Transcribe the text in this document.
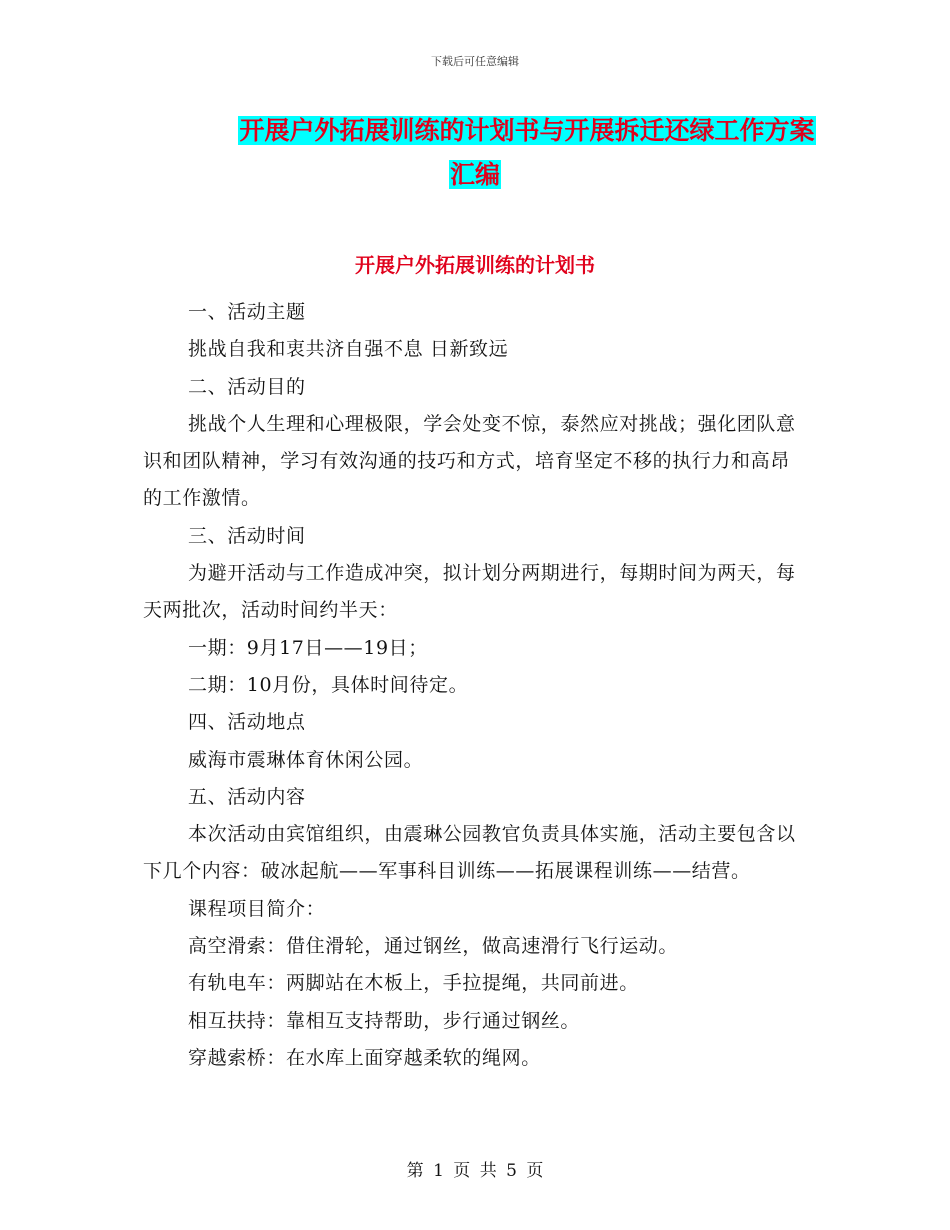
下载后可任意编辑
开展户外拓展训练的计划书与开展拆迁还绿工作方案
汇编
开展户外拓展训练的计划书

一、活动主题

挑战自我和衷共济自强不息 日新致远

二、活动目的

挑战个人生理和心理极限，学会处变不惊，泰然应对挑战；强化团队意识和团队精神，学习有效沟通的技巧和方式，培育坚定不移的执行力和高昂的工作激情。

三、活动时间

为避开活动与工作造成冲突，拟计划分两期进行，每期时间为两天，每天两批次，活动时间约半天：

一期：9月17日——19日；

二期：10月份，具体时间待定。

四、活动地点

威海市震琳体育休闲公园。

五、活动内容

本次活动由宾馆组织，由震琳公园教官负责具体实施，活动主要包含以下几个内容：破冰起航——军事科目训练——拓展课程训练——结营。

课程项目简介：

高空滑索：借住滑轮，通过钢丝，做高速滑行飞行运动。

有轨电车：两脚站在木板上，手拉提绳，共同前进。

相互扶持：靠相互支持帮助，步行通过钢丝。

穿越索桥：在水库上面穿越柔软的绳网。

第 1 页 共 5 页
